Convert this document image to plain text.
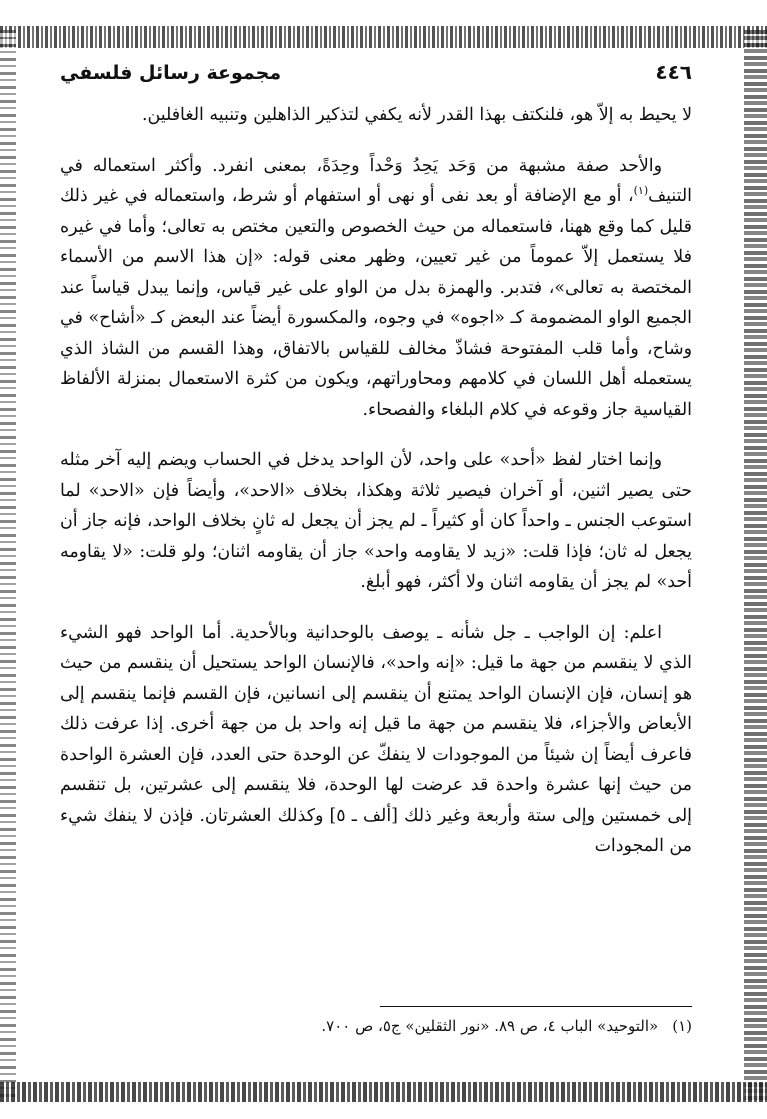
٤٤٦
مجموعة رسائل فلسفي

لا يحيط به إلاّ هو، فلنكتف بهذا القدر لأنه يكفي لتذكير الذاهلين وتنبيه الغافلين.

والأحد صفة مشبهة من وَحَد يَحِدُ وَحْداً وحِدَةً، بمعنى انفرد. وأكثر استعماله في التنيف$^{(١)}$، أو مع الإضافة أو بعد نفى أو نهى أو استفهام أو شرط، واستعماله في غير ذلك قليل كما وقع ههنا، فاستعماله من حيث الخصوص والتعين مختص به تعالى؛ وأما في غيره فلا يستعمل إلاّ عموماً من غير تعيين، وظهر معنى قوله: «إن هذا الاسم من الأسماء المختصة به تعالى»، فتدبر. والهمزة بدل من الواو على غير قياس، وإنما يبدل قياساً عند الجميع الواو المضمومة كـ «اجوه» في وجوه، والمكسورة أيضاً عند البعض كـ «أشاح» في وشاح، وأما قلب المفتوحة فشاذّ مخالف للقياس بالاتفاق، وهذا القسم من الشاذ الذي يستعمله أهل اللسان في كلامهم ومحاوراتهم، ويكون من كثرة الاستعمال بمنزلة الألفاظ القياسية جاز وقوعه في كلام البلغاء والفصحاء.

وإنما اختار لفظ «أحد» على واحد، لأن الواحد يدخل في الحساب ويضم إليه آخر مثله حتى يصير اثنين، أو آخران فيصير ثلاثة وهكذا، بخلاف «الاحد»، وأيضاً فإن «الاحد» لما استوعب الجنس ـ واحداً كان أو كثيراً ـ لم يجز أن يجعل له ثانٍ بخلاف الواحد، فإنه جاز أن يجعل له ثان؛ فإذا قلت: «زيد لا يقاومه واحد» جاز أن يقاومه اثنان؛ ولو قلت: «لا يقاومه أحد» لم يجز أن يقاومه اثنان ولا أكثر، فهو أبلغ.

اعلم: إن الواجب ـ جل شأنه ـ يوصف بالوحدانية وبالأحدية. أما الواحد فهو الشيء الذي لا ينقسم من جهة ما قيل: «إنه واحد»، فالإنسان الواحد يستحيل أن ينقسم من حيث هو إنسان، فإن الإنسان الواحد يمتنع أن ينقسم إلى انسانين، فإن القسم فإنما ينقسم إلى الأبعاض والأجزاء، فلا ينقسم من جهة ما قيل إنه واحد بل من جهة أخرى. إذا عرفت ذلك فاعرف أيضاً إن شيئاً من الموجودات لا ينفكّ عن الوحدة حتى العدد، فإن العشرة الواحدة من حيث إنها عشرة واحدة قد عرضت لها الوحدة، فلا ينقسم إلى عشرتين، بل تنقسم إلى خمستين وإلى ستة وأربعة وغير ذلك [ألف ـ ٥] وكذلك العشرتان. فإذن لا ينفك شيء من المجودات

(١)«التوحيد» الباب ٤، ص ٨٩. «نور الثقلين» ج٥، ص ٧٠٠.
